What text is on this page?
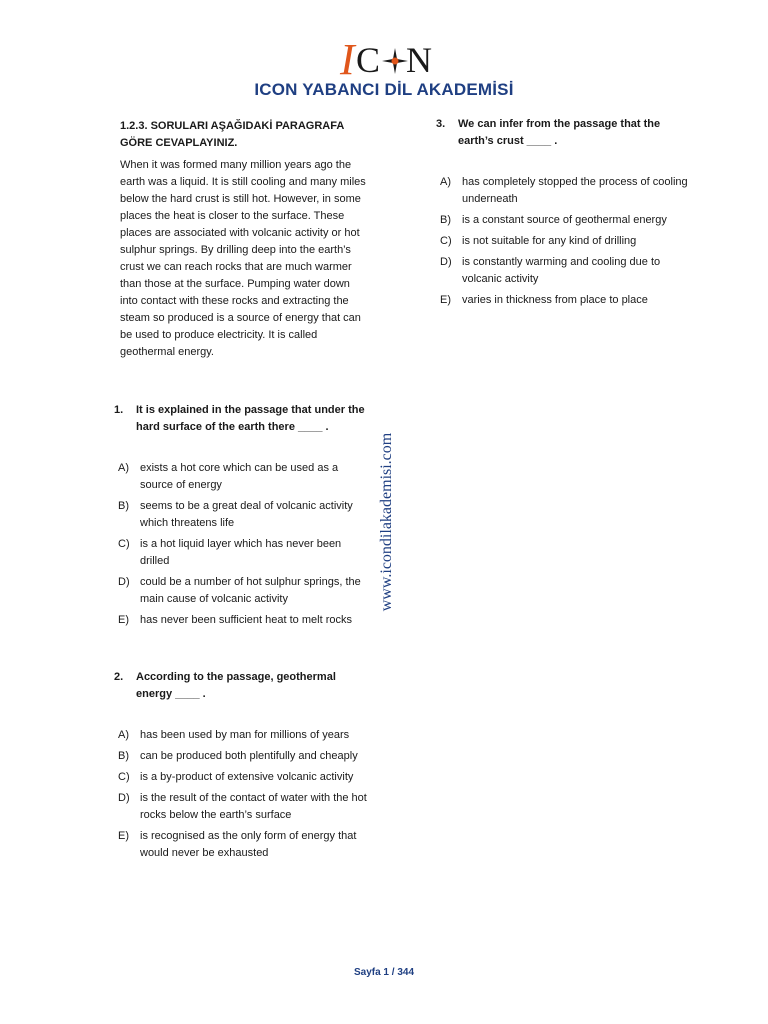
I C N
ICON YABANCI DİL AKADEMİSİ

1.2.3. SORULARI AŞAĞIDAKİ PARAGRAFA GÖRE CEVAPLAYINIZ.

When it was formed many million years ago the earth was a liquid. It is still cooling and many miles below the hard crust is still hot. However, in some places the heat is closer to the surface. These places are associated with volcanic activity or hot sulphur springs. By drilling deep into the earth’s crust we can reach rocks that are much warmer than those at the surface. Pumping water down into contact with these rocks and extracting the steam so produced is a source of energy that can be used to produce electricity. It is called geothermal energy.

1. It is explained in the passage that under the hard surface of the earth there ____ .

A) exists a hot core which can be used as a source of energy
B) seems to be a great deal of volcanic activity which threatens life
C) is a hot liquid layer which has never been drilled
D) could be a number of hot sulphur springs, the main cause of volcanic activity
E) has never been sufficient heat to melt rocks

2. According to the passage, geothermal energy ____ .

A) has been used by man for millions of years
B) can be produced both plentifully and cheaply
C) is a by-product of extensive volcanic activity
D) is the result of the contact of water with the hot rocks below the earth’s surface
E) is recognised as the only form of energy that would never be exhausted

3. We can infer from the passage that the earth’s crust ____ .

A) has completely stopped the process of cooling underneath
B) is a constant source of geothermal energy
C) is not suitable for any kind of drilling
D) is constantly warming and cooling due to volcanic activity
E) varies in thickness from place to place
www.icondilakademisi.com
Sayfa 1 / 344
